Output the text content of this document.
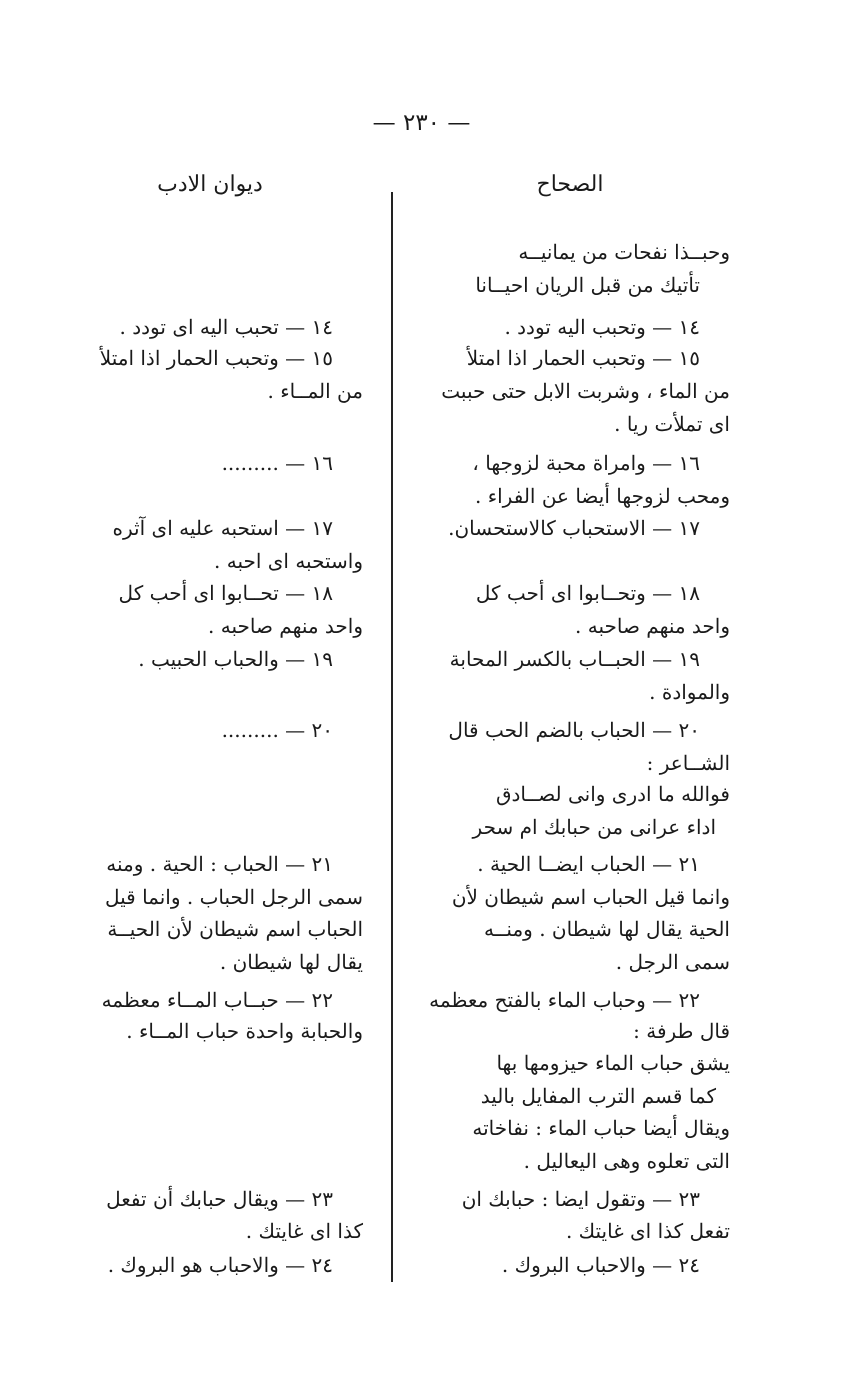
— ٢٣٠ —
الصحاح
ديوان الادب
وحبــذا نفحات من يمانيــه
تأتيك من قبل الريان احيــانا
١٤ — وتحبب اليه تودد .
١٥ — وتحبب الحمار اذا امتلأ
من الماء ، وشربت الابل حتى حببت
اى تملأت ريا .
١٦ — وامراة محبة لزوجها ،
ومحب لزوجها أيضا عن الفراء .
١٧ — الاستحباب كالاستحسان.
١٨ — وتحــابوا اى أحب كل
واحد منهم صاحبه .
١٩ — الحبــاب بالكسر المحابة
والموادة .
٢٠ — الحباب بالضم الحب قال
الشــاعر :
فوالله ما ادرى وانى لصــادق
اداء عرانى من حبابك ام سحر
٢١ — الحباب ايضــا الحية .
وانما قيل الحباب اسم شيطان لأن
الحية يقال لها شيطان . ومنــه
سمى الرجل .
٢٢ — وحباب الماء بالفتح معظمه
قال طرفة :
يشق حباب الماء حيزومها بها
كما قسم الترب المفايل باليد
ويقال أيضا حباب الماء : نفاخاته
التى تعلوه وهى اليعاليل .
٢٣ — وتقول ايضا : حبابك ان
تفعل كذا اى غايتك .
٢٤ — والاحباب البروك .
١٤ — تحبب اليه اى تودد .
١٥ — وتحبب الحمار اذا امتلأ
من المــاء .
١٦ — .........
١٧ — استحبه عليه اى آثره
واستحبه اى احبه .
١٨ — تحــابوا اى أحب كل
واحد منهم صاحبه .
١٩ — والحباب الحبيب .
٢٠ — .........
٢١ — الحباب : الحية . ومنه
سمى الرجل الحباب . وانما قيل
الحباب اسم شيطان لأن الحيــة
يقال لها شيطان .
٢٢ — حبــاب المــاء معظمه
والحبابة واحدة حباب المــاء .
٢٣ — ويقال حبابك أن تفعل
كذا اى غايتك .
٢٤ — والاحباب هو البروك .
